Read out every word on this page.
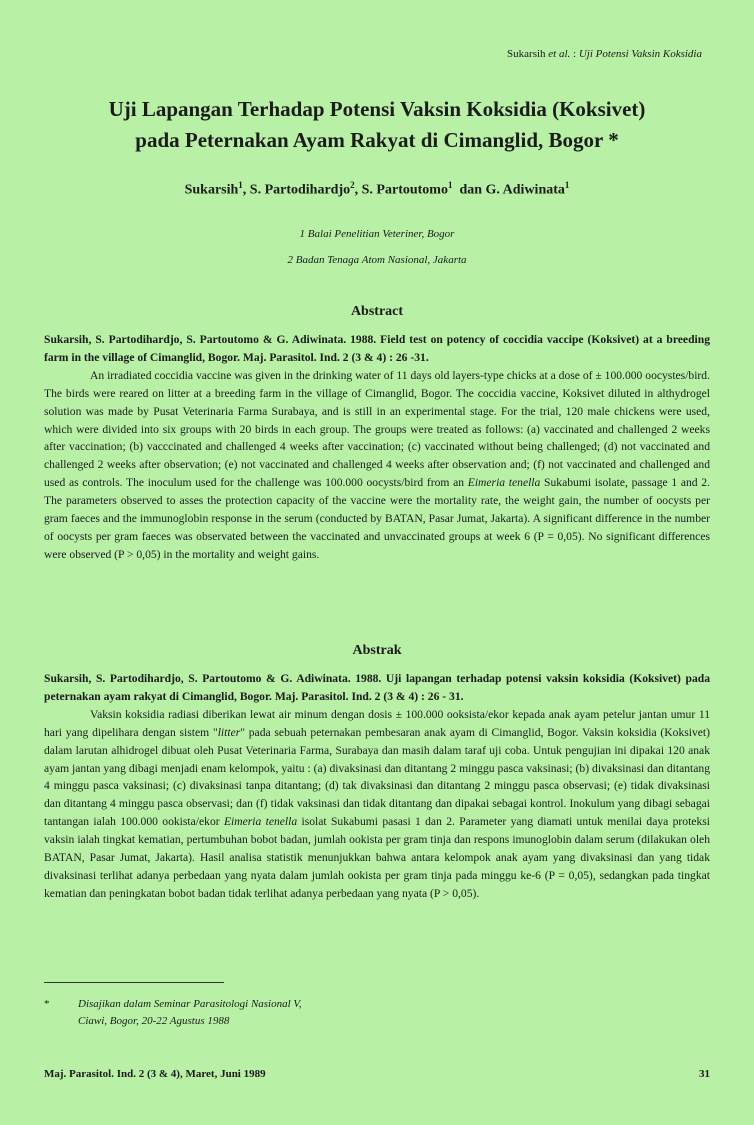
Sukarsih et al. : Uji Potensi Vaksin Koksidia
Uji Lapangan Terhadap Potensi Vaksin Koksidia (Koksivet)
pada Peternakan Ayam Rakyat di Cimanglid, Bogor *
Sukarsih$^1$, S. Partodihardjo$^2$, S. Partoutomo$^1$  dan G. Adiwinata$^1$
1 Balai Penelitian Veteriner, Bogor
2 Badan Tenaga Atom Nasional, Jakarta
Abstract

Sukarsih, S. Partodihardjo, S. Partoutomo & G. Adiwinata. 1988. Field test on potency of coccidia vaccipe (Koksivet) at a breeding farm in the village of Cimanglid, Bogor. Maj. Parasitol. Ind. 2 (3 & 4) : 26 -31.

An irradiated coccidia vaccine was given in the drinking water of 11 days old layers-type chicks at a dose of ± 100.000 oocystes/bird. The birds were reared on litter at a breeding farm in the village of Cimanglid, Bogor. The coccidia vaccine, Koksivet diluted in althydrogel solution was made by Pusat Veterinaria Farma Surabaya, and is still in an experimental stage. For the trial, 120 male chickens were used, which were divided into six groups with 20 birds in each group. The groups were treated as follows: (a) vaccinated and challenged 2 weeks after vaccination; (b) vacccinated and challenged 4 weeks after vaccination; (c) vaccinated without being challenged; (d) not vaccinated and challenged 2 weeks after observation; (e) not vaccinated and challenged 4 weeks after observation and; (f) not vaccinated and challenged and used as controls. The inoculum used for the challenge was 100.000 oocysts/bird from an Eimeria tenella Sukabumi isolate, passage 1 and 2. The parameters observed to asses the protection capacity of the vaccine were the mortality rate, the weight gain, the number of oocysts per gram faeces and the immunoglobin response in the serum (conducted by BATAN, Pasar Jumat, Jakarta). A significant difference in the number of oocysts per gram faeces was observated between the vaccinated and unvaccinated groups at week 6 (P = 0,05). No significant differences were observed (P > 0,05) in the mortality and weight gains.

Abstrak

Sukarsih, S. Partodihardjo, S. Partoutomo & G. Adiwinata. 1988. Uji lapangan terhadap potensi vaksin koksidia (Koksivet) pada peternakan ayam rakyat di Cimanglid, Bogor. Maj. Parasitol. Ind. 2 (3 & 4) : 26 - 31.

Vaksin koksidia radiasi diberikan lewat air minum dengan dosis ± 100.000 ooksista/ekor kepada anak ayam petelur jantan umur 11 hari yang dipelihara dengan sistem "litter" pada sebuah peternakan pembesaran anak ayam di Cimanglid, Bogor. Vaksin koksidia (Koksivet) dalam larutan alhidrogel dibuat oleh Pusat Veterinaria Farma, Surabaya dan masih dalam taraf uji coba. Untuk pengujian ini dipakai 120 anak ayam jantan yang dibagi menjadi enam kelompok, yaitu : (a) divaksinasi dan ditantang 2 minggu pasca vaksinasi; (b) divaksinasi dan ditantang 4 minggu pasca vaksinasi; (c) divaksinasi tanpa ditantang; (d) tak divaksinasi dan ditantang 2 minggu pasca observasi; (e) tidak divaksinasi dan ditantang 4 minggu pasca observasi; dan (f) tidak vaksinasi dan tidak ditantang dan dipakai sebagai kontrol. Inokulum yang dibagi sebagai tantangan ialah 100.000 ookista/ekor Eimeria tenella isolat Sukabumi pasasi 1 dan 2. Parameter yang diamati untuk menilai daya proteksi vaksin ialah tingkat kematian, pertumbuhan bobot badan, jumlah ookista per gram tinja dan respons imunoglobin dalam serum (dilakukan oleh BATAN, Pasar Jumat, Jakarta). Hasil analisa statistik menunjukkan bahwa antara kelompok anak ayam yang divaksinasi dan yang tidak divaksinasi terlihat adanya perbedaan yang nyata dalam jumlah ookista per gram tinja pada minggu ke-6 (P = 0,05), sedangkan pada tingkat kematian dan peningkatan bobot badan tidak terlihat adanya perbedaan yang nyata (P > 0,05).

*	Disajikan dalam Seminar Parasitologi Nasional V,
Ciawi, Bogor, 20-22 Agustus 1988
Maj. Parasitol. Ind. 2 (3 & 4), Maret, Juni 1989	31
